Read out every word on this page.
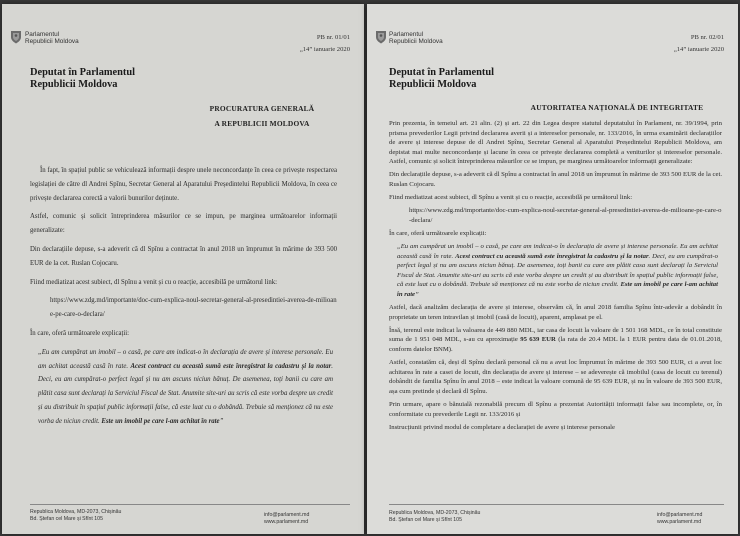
Parlamentul
Republicii Moldova
PB nr. 01/01
„14” ianuarie 2020
Deputat în Parlamentul
Republicii Moldova
PROCURATURA GENERALĂ
A REPUBLICII MOLDOVA

În fapt, în spațiul public se vehiculează informații despre unele neconcordanțe în ceea ce privește respectarea legislației de către dl Andrei Spînu, Secretar General al Aparatului Președintelui Republicii Moldova, în ceea ce privește declararea corectă a valorii bunurilor deținute.

Astfel, comunic și solicit întreprinderea măsurilor ce se impun, pe margineа următoarelor informații generalizate:

Din declarațiile depuse, s-a adeverit că dl Spînu a contractat în anul 2018 un împrumut în mărime de 393 500 EUR de la cet. Ruslan Cojocaru.

Fiind mediatizat acest subiect, dl Spînu a venit și cu o reacție, accesibilă pe următorul link:

https://www.zdg.md/importante/doc-cum-explica-noul-secretar-general-al-presedintiei-averea-de-milioane-pe-care-o-declara/

În care, oferă următoarele explicații:

„Eu am cumpărat un imobil – o casă, pe care am indicat-o în declarația de avere și interese personale. Eu am achitat această casă în rate. Acest contract cu această sumă este înregistrat la cadastru și la notar. Deci, eu am cumpărat-o perfect legal și nu am ascuns niciun bănuț. De asemenea, toți banii cu care am plătit casa sunt declarați la Serviciul Fiscal de Stat. Anumite site-uri au scris că este vorba despre un credit și au distribuit în spațiul public informații false, că este luat cu o dobândă. Trebuie să menționez că nu este vorba de niciun credit. Este un imobil pe care l-am achitat în rate”

Republica Moldova, MD-2073, Chișinău
Bd. Ștefan cel Mare și Sfînt 105
info@parlament.md
www.parlament.md
Parlamentul
Republicii Moldova
PB nr. 02/01
„14” ianuarie 2020
Deputat în Parlamentul
Republicii Moldova
AUTORITATEA NAȚIONALĂ DE INTEGRITATE

Prin prezenta, în temeiul art. 21 alin. (2) și art. 22 din Legea despre statutul deputatului în Parlament, nr. 39/1994, prin prisma prevederilor Legii privind declararea averii și a intereselor personale, nr. 133/2016, în urma examinării declarațiilor de avere și interese depuse de dl Andrei Spînu, Secretar General al Aparatului Președintelui Republicii Moldova, am depistat mai multe neconcordanțe și lacune în ceea ce privește declararea completă a veniturilor și intereselor personale. Astfel, comunic și solicit întreprinderea măsurilor ce se impun, pe margineа următoarelor informații generalizate:

Din declarațiile depuse, s-a adeverit că dl Spînu a contractat în anul 2018 un împrumut în mărime de 393 500 EUR de la cet. Ruslan Cojocaru.

Fiind mediatizat acest subiect, dl Spînu a venit și cu o reacție, accesibilă pe următorul link:

https://www.zdg.md/importante/doc-cum-explica-noul-secretar-general-al-presedintiei-averea-de-milioane-pe-care-o-declara/

În care, oferă următoarele explicații:

„Eu am cumpărat un imobil – o casă, pe care am indicat-o în declarația de avere și interese personale. Eu am achitat această casă în rate. Acest contract cu această sumă este înregistrat la cadastru și la notar. Deci, eu am cumpărat-o perfect legal și nu am ascuns niciun bănuț. De asemenea, toți banii cu care am plătit casa sunt declarați la Serviciul Fiscal de Stat. Anumite site-uri au scris că este vorba despre un credit și au distribuit în spațiul public informații false, că este luat cu o dobândă. Trebuie să menționez că nu este vorba de niciun credit. Este un imobil pe care l-am achitat în rate”

Astfel, dacă analizăm declarația de avere și interese, observăm că, în anul 2018 familia Spînu într-adevăr a dobândit în proprietate un teren intravilan și imobil (casă de locuit), aparent, amplasat pe el.

Însă, terenul este indicat la valoarea de 449 880 MDL, iar casa de locuit la valoare de 1 501 168 MDL, ce în total constituie suma de 1 951 048 MDL, s-au cu aproximație 95 639 EUR (la rata de 20.4 MDL la 1 EUR pentru data de 01.01.2018, conform datelor BNM).

Astfel, constatăm că, deși dl Spînu declară personal că nu a avut loc împrumut în mărime de 393 500 EUR, ci a avut loc achitarea în rate a casei de locuit, din declarația de avere și interese – se adeverește că imobilul (casa de locuit cu terenul) dobândit de familia Spînu în anul 2018 – este indicat la valoare comună de 95 639 EUR, și nu în valoare de 393 500 EUR, așa cum pretinde și declară dl Spînu.

Prin urmare, apare o bănuială rezonabilă precum dl Spînu a prezentat Autorității informații false sau incomplete, or, în conformitate cu prevederile Legii nr. 133/2016 și

Instrucțiunii privind modul de completare a declarației de avere și interese personale

Republica Moldova, MD-2073, Chișinău
Bd. Ștefan cel Mare și Sfînt 105
info@parlament.md
www.parlament.md
